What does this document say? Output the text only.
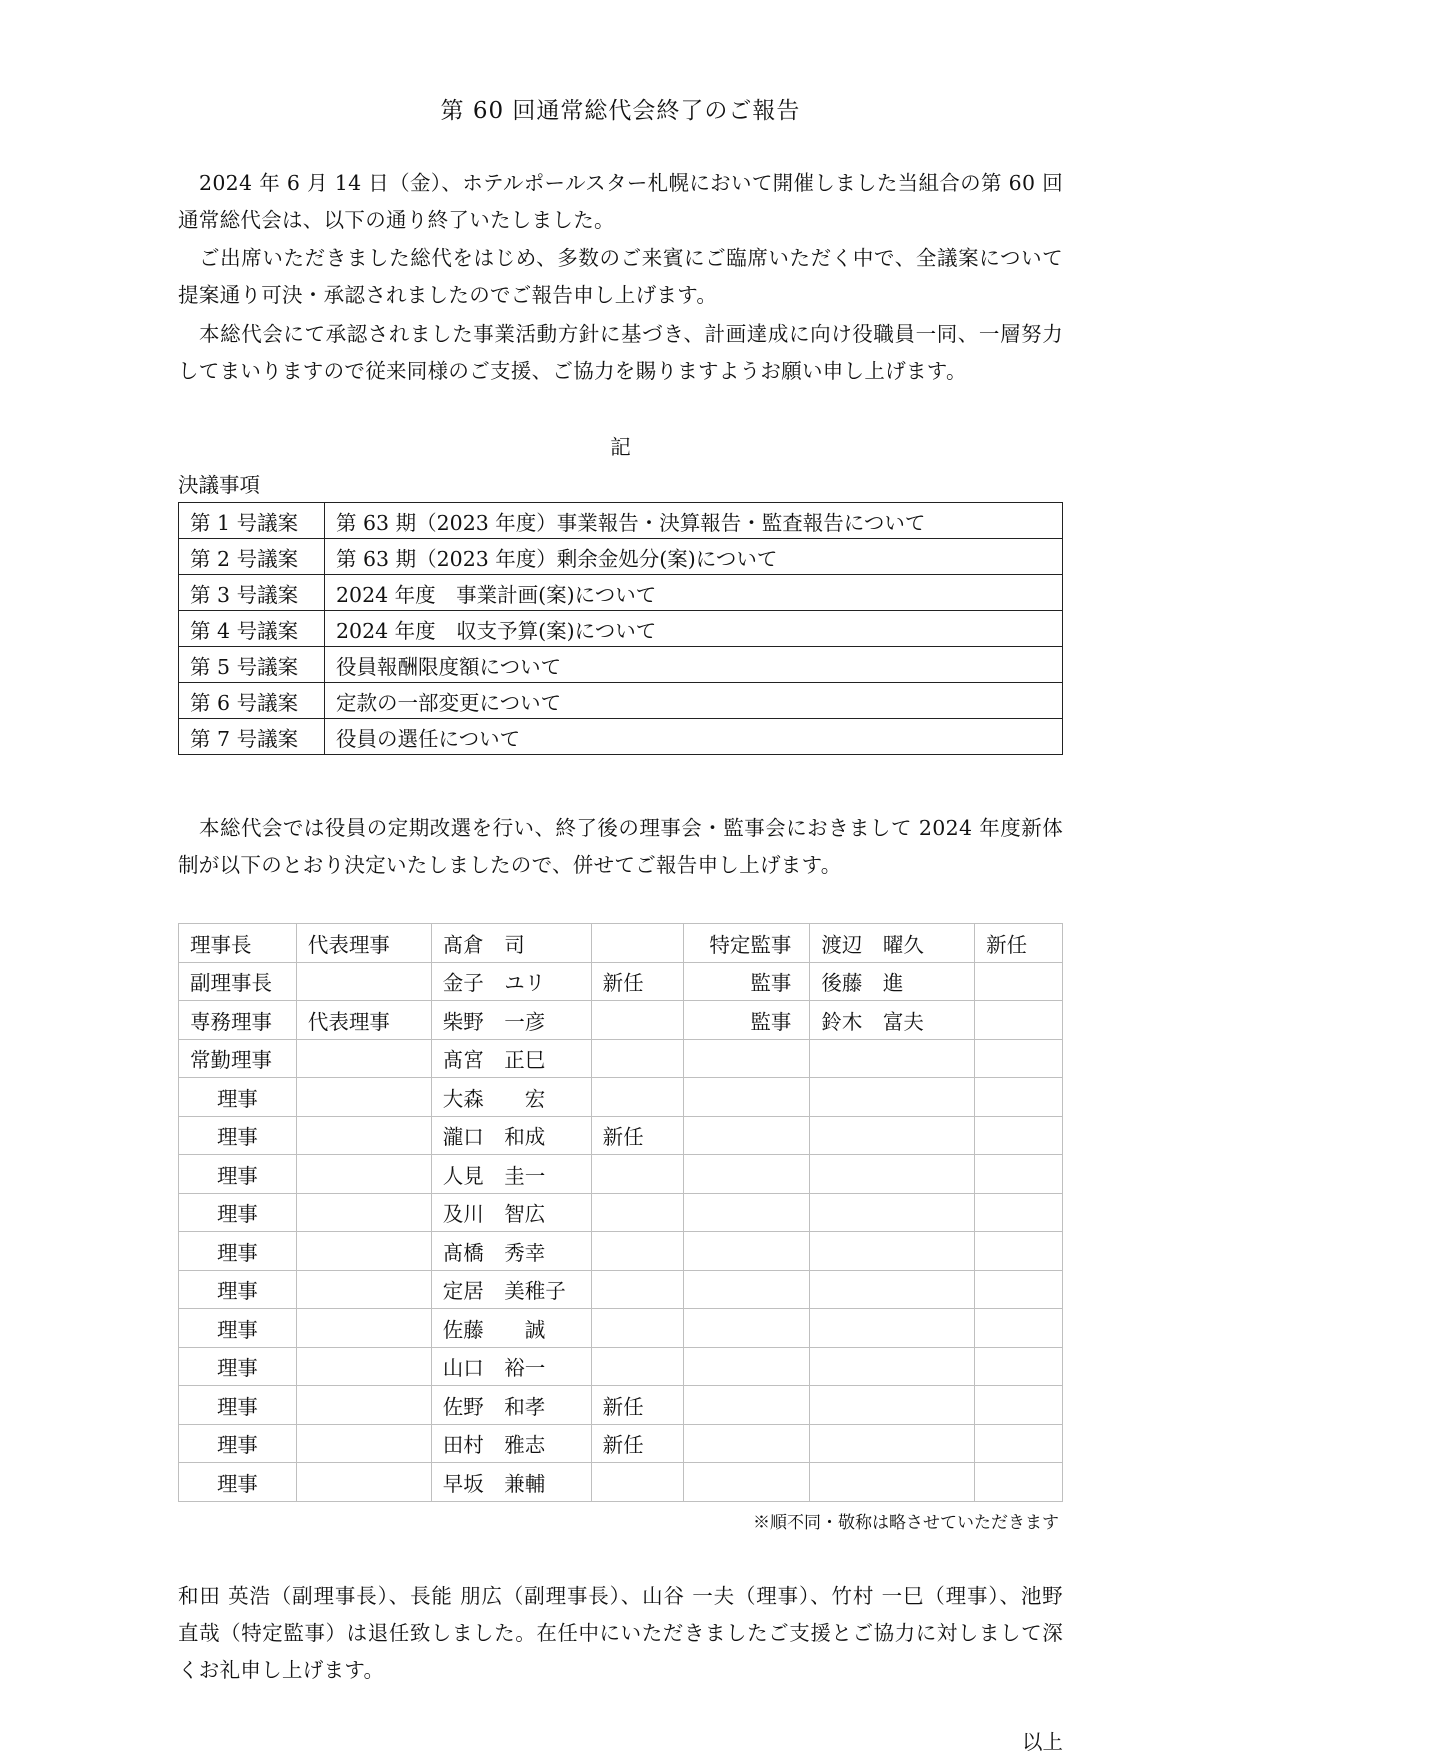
第 60 回通常総代会終了のご報告

2024 年 6 月 14 日（金）、ホテルポールスター札幌において開催しました当組合の第 60 回通常総代会は、以下の通り終了いたしました。

ご出席いただきました総代をはじめ、多数のご来賓にご臨席いただく中で、全議案について提案通り可決・承認されましたのでご報告申し上げます。

本総代会にて承認されました事業活動方針に基づき、計画達成に向け役職員一同、一層努力してまいりますので従来同様のご支援、ご協力を賜りますようお願い申し上げます。

記
決議事項
第 1 号議案	第 63 期（2023 年度）事業報告・決算報告・監査報告について
第 2 号議案	第 63 期（2023 年度）剰余金処分(案)について
第 3 号議案	2024 年度　事業計画(案)について
第 4 号議案	2024 年度　収支予算(案)について
第 5 号議案	役員報酬限度額について
第 6 号議案	定款の一部変更について
第 7 号議案	役員の選任について

本総代会では役員の定期改選を行い、終了後の理事会・監事会におきまして 2024 年度新体制が以下のとおり決定いたしましたので、併せてご報告申し上げます。

理事長	代表理事	髙倉　司		特定監事	渡辺　曜久	新任
副理事長		金子　ユリ	新任	監事	後藤　進	
専務理事	代表理事	柴野　一彦		監事	鈴木　富夫	
常勤理事		髙宮　正巳				
理事		大森　　宏				
理事		瀧口　和成	新任			
理事		人見　圭一				
理事		及川　智広				
理事		髙橋　秀幸				
理事		定居　美稚子				
理事		佐藤　　誠				
理事		山口　裕一				
理事		佐野　和孝	新任			
理事		田村　雅志	新任			
理事		早坂　兼輔				
※順不同・敬称は略させていただきます

和田 英浩（副理事長）、長能 朋広（副理事長）、山谷 一夫（理事）、竹村 一巳（理事）、池野 直哉（特定監事）は退任致しました。在任中にいただきましたご支援とご協力に対しまして深くお礼申し上げます。

以上
